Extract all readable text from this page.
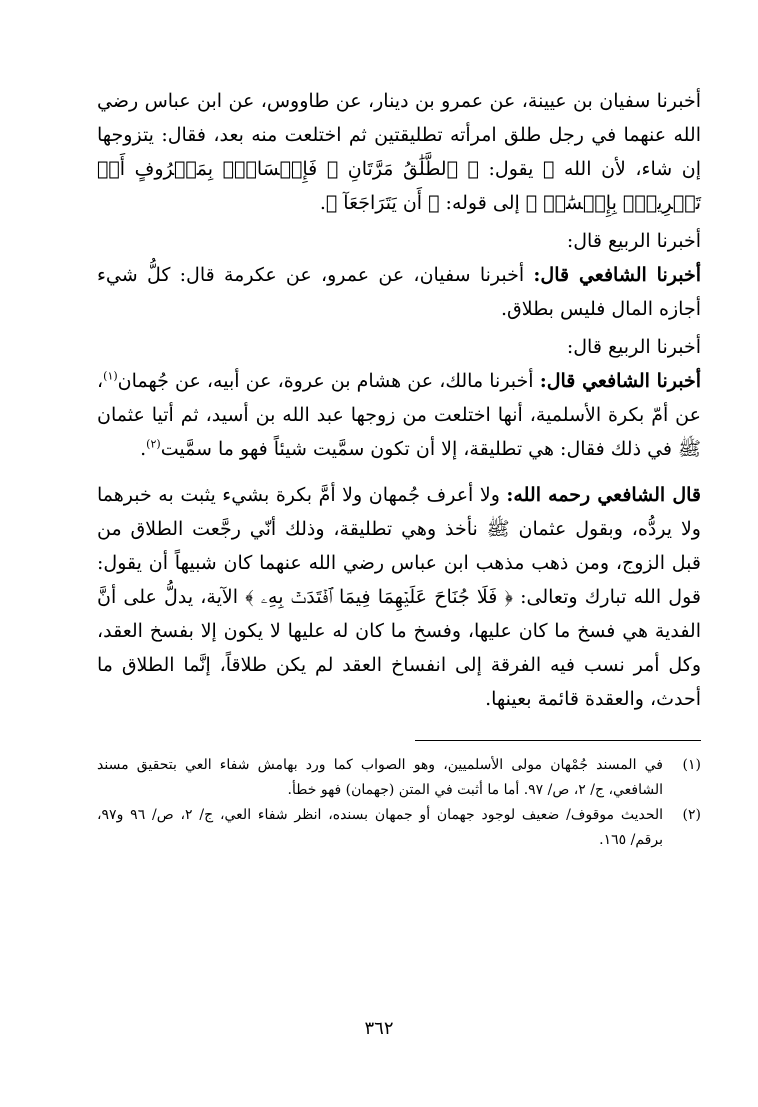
أخبرنا سفيان بن عيينة، عن عمرو بن دينار، عن طاووس، عن ابن عباس رضي الله عنهما في رجل طلق امرأته تطليقتين ثم اختلعت منه بعد، فقال: يتزوجها إن شاء، لأن الله ﷻ يقول: ﴿ ٱلطَّلَٰقُ مَرَّتَانِ ۖ فَإِمۡسَاكُۢ بِمَعۡرُوفٍ أَوۡ تَسۡرِيحُۢ بِإِحۡسَٰنٖ ﴾ إلى قوله: ﴿ أَن يَتَرَاجَعَآ ﴾.

أخبرنا الربيع قال:

أخبرنا الشافعي قال: أخبرنا سفيان، عن عمرو، عن عكرمة قال: كلُّ شيء أجازه المال فليس بطلاق.

أخبرنا الربيع قال:

أخبرنا الشافعي قال: أخبرنا مالك، عن هشام بن عروة، عن أبيه، عن جُهمان$^{(١)}$، عن أمّ بكرة الأسلمية، أنها اختلعت من زوجها عبد الله بن أسيد، ثم أتيا عثمان ﷺ في ذلك فقال: هي تطليقة، إلا أن تكون سمَّيت شيئاً فهو ما سمَّيت$^{(٢)}$.

قال الشافعي رحمه الله: ولا أعرف جُمهان ولا أمَّ بكرة بشيء يثبت به خبرهما ولا يردُّه، وبقول عثمان ﷺ نأخذ وهي تطليقة، وذلك أنّي رجَّعت الطلاق من قبل الزوج، ومن ذهب مذهب ابن عباس رضي الله عنهما كان شبيهاً أن يقول: قول الله تبارك وتعالى: ﴿ فَلَا جُنَاحَ عَلَيۡهِمَا فِيمَا ٱفۡتَدَتۡ بِهِۦ ﴾ الآية، يدلُّ على أنَّ الفدية هي فسخ ما كان عليها، وفسخ ما كان له عليها لا يكون إلا بفسخ العقد، وكل أمر نسب فيه الفرقة إلى انفساخ العقد لم يكن طلاقاً، إنَّما الطلاق ما أحدث، والعقدة قائمة بعينها.

(١)
في المسند جُمْهان مولى الأسلميين، وهو الصواب كما ورد بهامش شفاء العي بتحقيق مسند الشافعي، ج/ ٢، ص/ ٩٧. أما ما أثبت في المتن (جهمان) فهو خطأ.
(٢)
الحديث موقوف/ ضعيف لوجود جهمان أو جمهان بسنده، انظر شفاء العي، ج/ ٢، ص/ ٩٦ و٩٧، برقم/ ١٦٥.
٣٦٢
